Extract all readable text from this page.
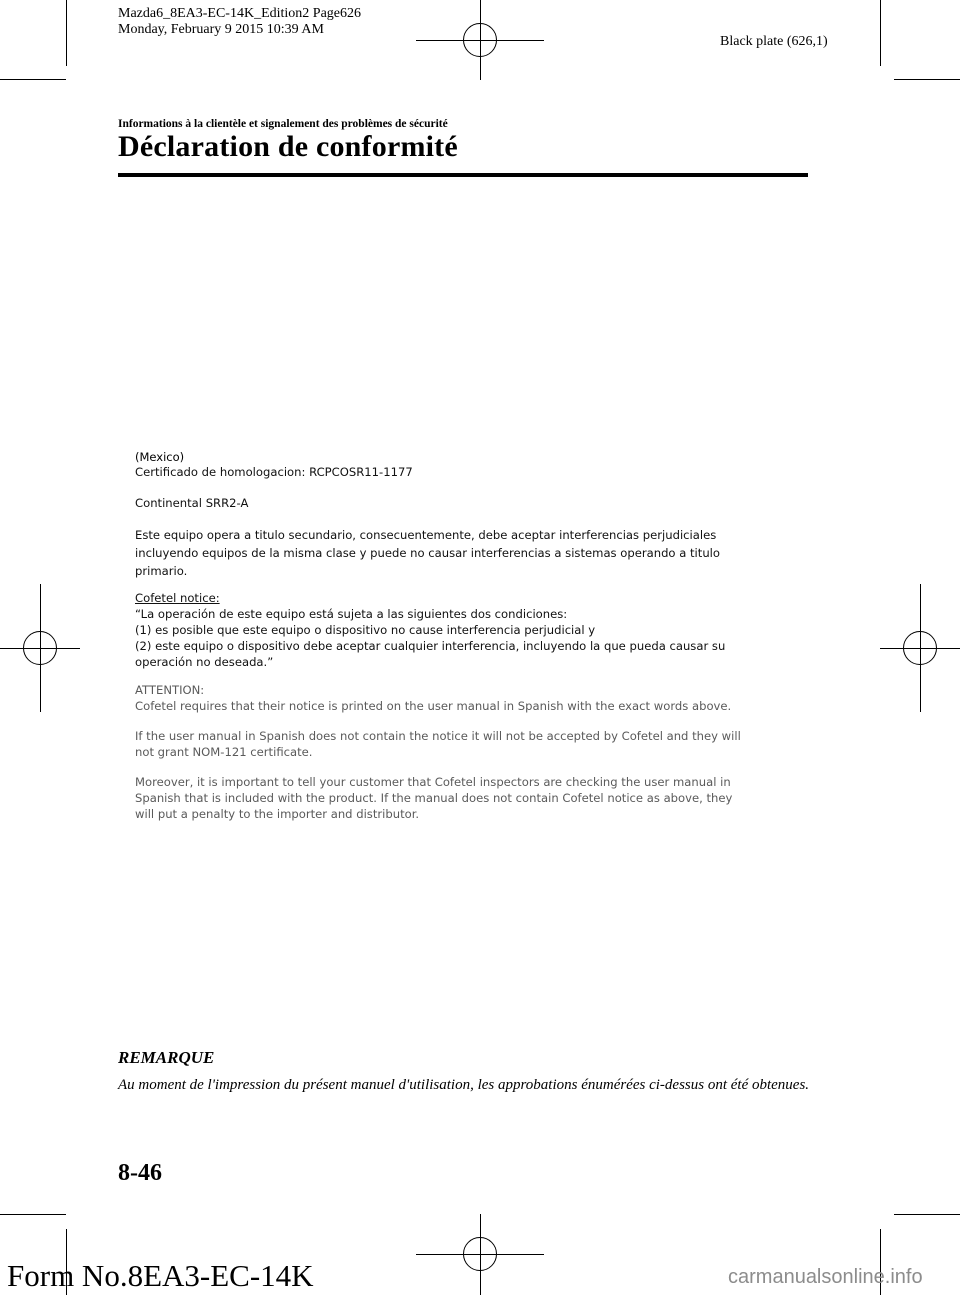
Mazda6_8EA3-EC-14K_Edition2 Page626
Monday, February 9 2015 10:39 AM
Black plate (626,1)
Informations à la clientèle et signalement des problèmes de sécurité
Déclaration de conformité
(Mexico)

Certificado de homologacion: RCPCOSR11-1177

Continental SRR2-A

Este equipo opera a titulo secundario, consecuentemente, debe aceptar interferencias perjudiciales

incluyendo equipos de la misma clase y puede no causar interferencias a sistemas operando a titulo

primario.

Cofetel notice:

“La operación de este equipo está sujeta a las siguientes dos condiciones:

(1) es posible que este equipo o dispositivo no cause interferencia perjudicial y

(2) este equipo o dispositivo debe aceptar cualquier interferencia, incluyendo la que pueda causar su

operación no deseada.”

ATTENTION:

Cofetel requires that their notice is printed on the user manual in Spanish with the exact words above.

If the user manual in Spanish does not contain the notice it will not be accepted by Cofetel and they will

not grant NOM-121 certificate.

Moreover, it is important to tell your customer that Cofetel inspectors are checking the user manual in

Spanish that is included with the product. If the manual does not contain Cofetel notice as above, they

will put a penalty to the importer and distributor.

REMARQUE
Au moment de l'impression du présent manuel d'utilisation, les approbations énumérées ci-dessus ont été obtenues.
8-46
Form No.8EA3-EC-14K	carmanualsonline.info
